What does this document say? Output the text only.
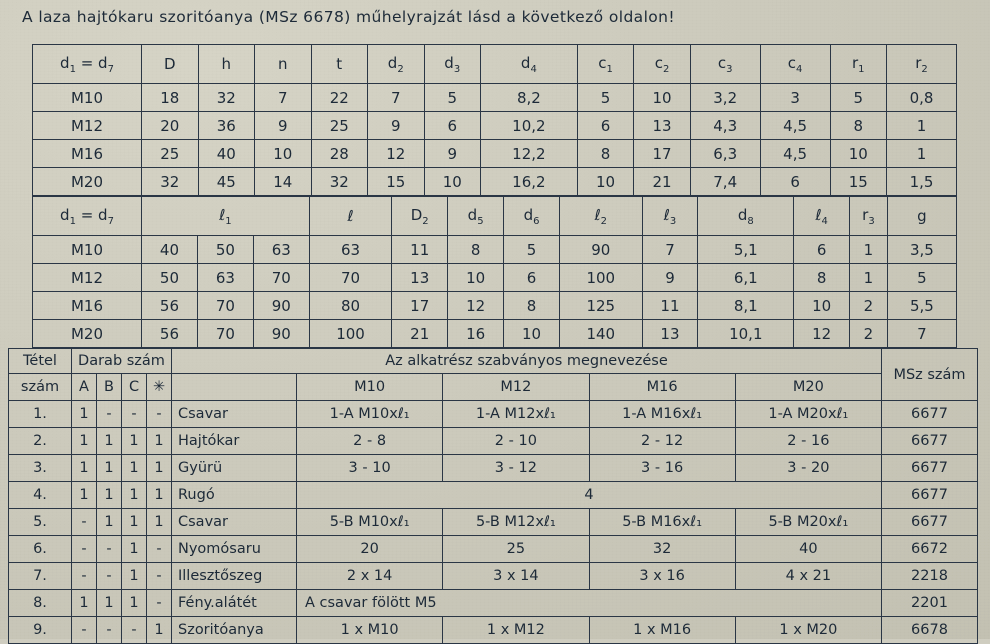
A laza hajtókaru szoritóanya (MSz 6678) műhelyrajzát lásd a következő oldalon!
$d_1 = d_7$	D	h	n	t	$d_2$	$d_3$	$d_4$	$c_1$	$c_2$	$c_3$	$c_4$	$r_1$	$r_2$
M10	18	32	7	22	7	5	8,2	5	10	3,2	3	5	0,8
M12	20	36	9	25	9	6	10,2	6	13	4,3	4,5	8	1
M16	25	40	10	28	12	9	12,2	8	17	6,3	4,5	10	1
M20	32	45	14	32	15	10	16,2	10	21	7,4	6	15	1,5
$d_1 = d_7$	ℓ$_1$			ℓ	$D_2$	$d_5$	$d_6$	ℓ$_2$	ℓ$_3$	$d_8$	ℓ$_4$	$r_3$	g
M10	40	50	63	63	11	8	5	90	7	5,1	6	1	3,5
M12	50	63	70	70	13	10	6	100	9	6,1	8	1	5
M16	56	70	90	80	17	12	8	125	11	8,1	10	2	5,5
M20	56	70	90	100	21	16	10	140	13	10,1	12	2	7
Tétel	Darab szám				Az alkatrész szabványos megnevezése					MSz szám
szám	A	B	C	✳		M10	M12	M16	M20	
1.	1	-	-	-	Csavar	1-A M10xℓ₁	1-A M12xℓ₁	1-A M16xℓ₁	1-A M20xℓ₁	6677
2.	1	1	1	1	Hajtókar	2 - 8	2 - 10	2 - 12	2 - 16	6677
3.	1	1	1	1	Gyürü	3 - 10	3 - 12	3 - 16	3 - 20	6677
4.	1	1	1	1	Rugó	4				6677
5.	-	1	1	1	Csavar	5-B M10xℓ₁	5-B M12xℓ₁	5-B M16xℓ₁	5-B M20xℓ₁	6677
6.	-	-	1	-	Nyomósaru	20	25	32	40	6672
7.	-	-	1	-	Illesztőszeg	2 x 14	3 x 14	3 x 16	4 x 21	2218
8.	1	1	1	-	Fény.alátét	A csavar fölött M5				2201
9.	-	-	-	1	Szoritóanya	1 x M10	1 x M12	1 x M16	1 x M20	6678
